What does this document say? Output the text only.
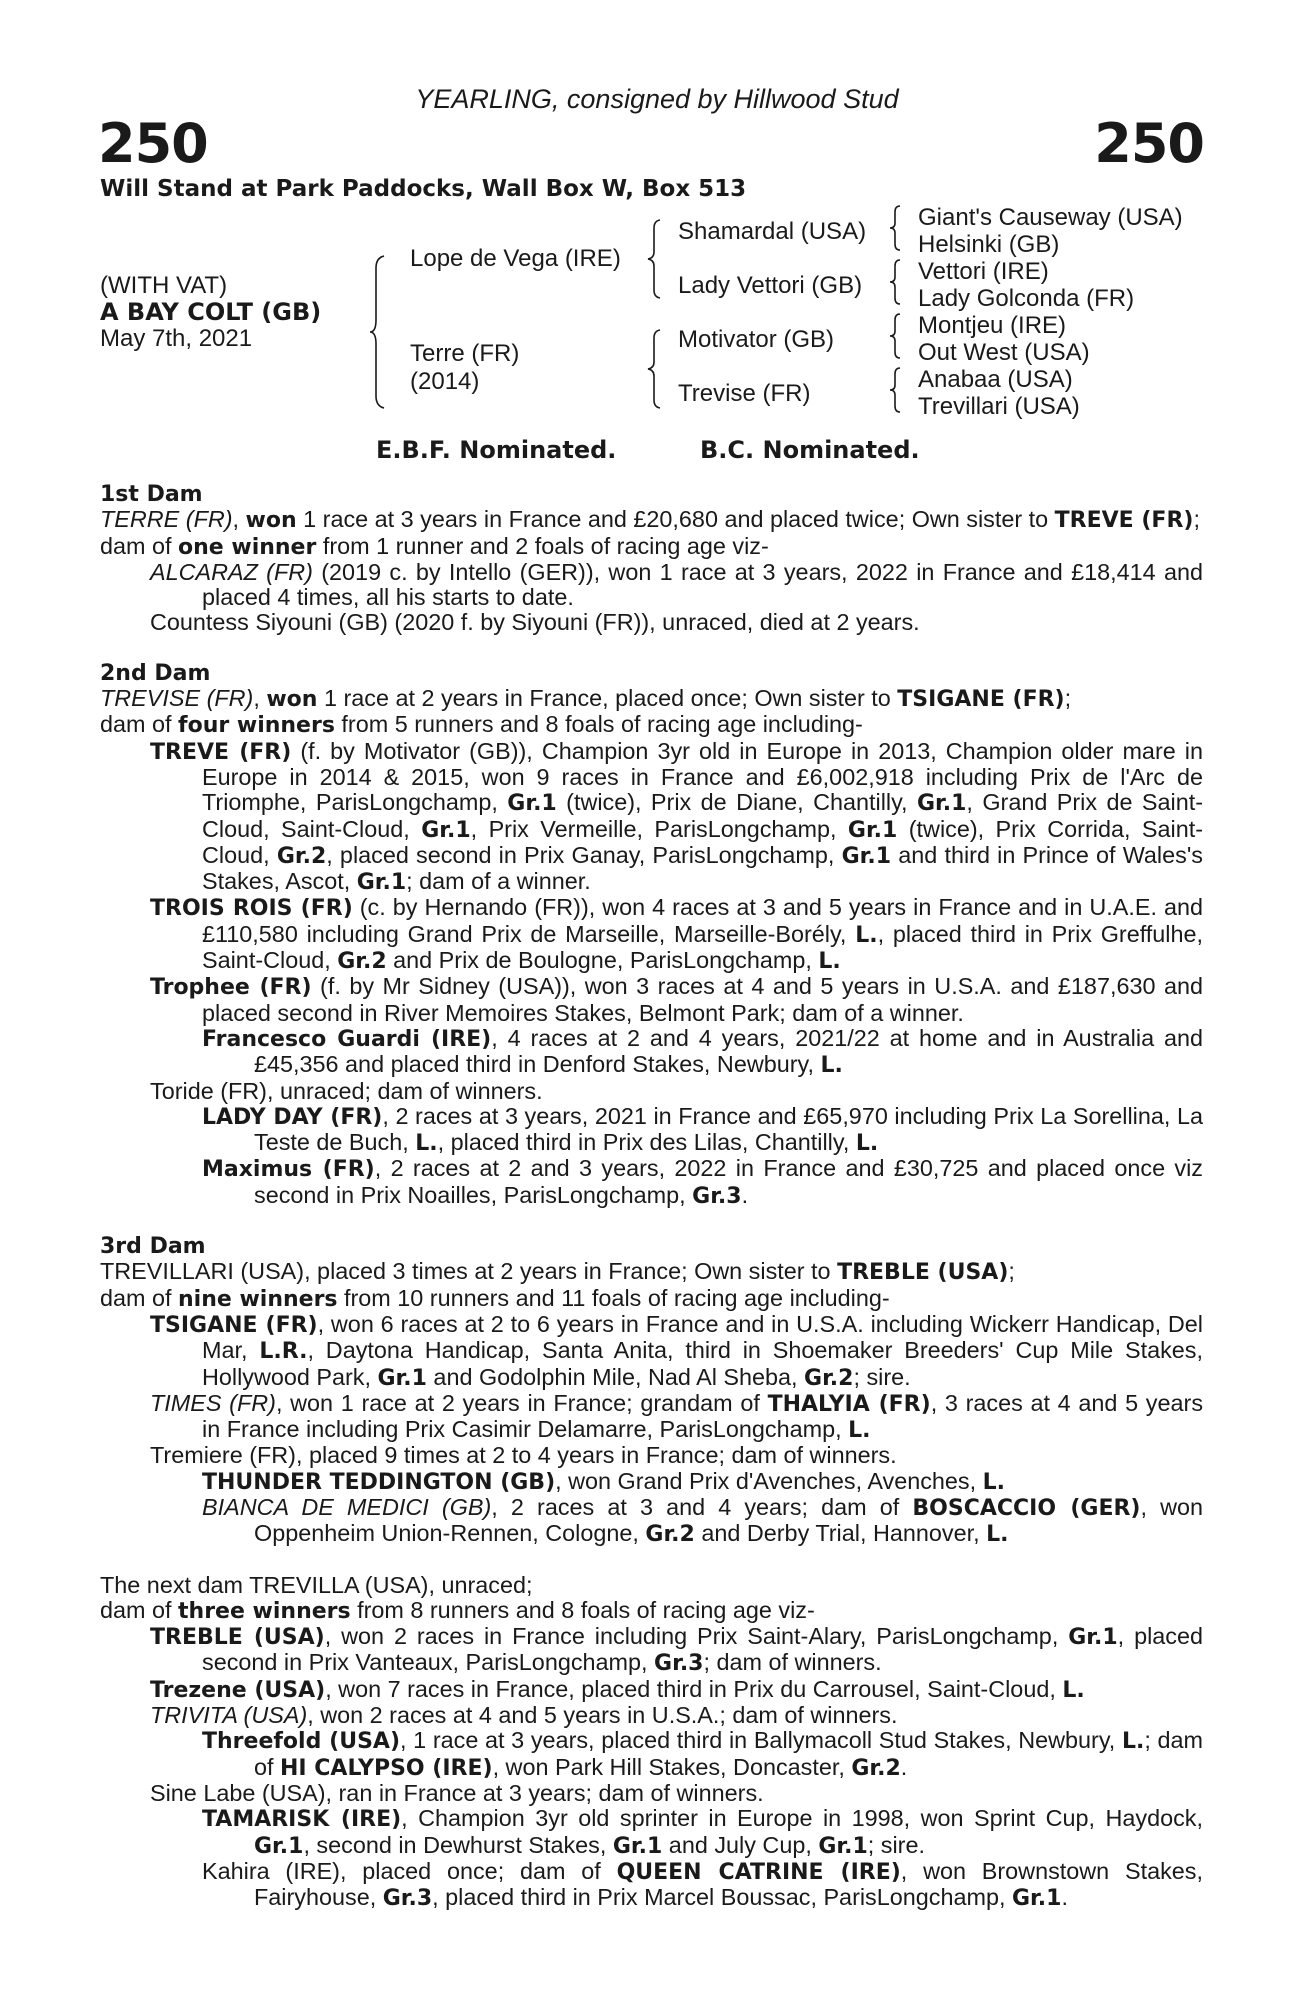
YEARLING, consigned by Hillwood Stud
250	250
Will Stand at Park Paddocks, Wall Box W, Box 513
(WITH VAT)
A BAY COLT (GB)
May 7th, 2021
Lope de Vega (IRE)
Terre (FR)
(2014)
Shamardal (USA)
Lady Vettori (GB)
Motivator (GB)
Trevise (FR)
Giant's Causeway (USA)
Helsinki (GB)
Vettori (IRE)
Lady Golconda (FR)
Montjeu (IRE)
Out West (USA)
Anabaa (USA)
Trevillari (USA)
E.B.F. Nominated.	B.C. Nominated.
1st Dam
TERRE (FR), won 1 race at 3 years in France and £20,680 and placed twice; Own sister to TREVE (FR);
dam of one winner from 1 runner and 2 foals of racing age viz-
ALCARAZ (FR) (2019 c. by Intello (GER)), won 1 race at 3 years, 2022 in France and £18,414 and placed 4 times, all his starts to date.
Countess Siyouni (GB) (2020 f. by Siyouni (FR)), unraced, died at 2 years.
2nd Dam
TREVISE (FR), won 1 race at 2 years in France, placed once; Own sister to TSIGANE (FR);
dam of four winners from 5 runners and 8 foals of racing age including-
TREVE (FR) (f. by Motivator (GB)), Champion 3yr old in Europe in 2013, Champion older mare in Europe in 2014 & 2015, won 9 races in France and £6,002,918 including Prix de l'Arc de Triomphe, ParisLongchamp, Gr.1 (twice), Prix de Diane, Chantilly, Gr.1, Grand Prix de Saint-Cloud, Saint-Cloud, Gr.1, Prix Vermeille, ParisLongchamp, Gr.1 (twice), Prix Corrida, Saint-Cloud, Gr.2, placed second in Prix Ganay, ParisLongchamp, Gr.1 and third in Prince of Wales's Stakes, Ascot, Gr.1; dam of a winner.
TROIS ROIS (FR) (c. by Hernando (FR)), won 4 races at 3 and 5 years in France and in U.A.E. and £110,580 including Grand Prix de Marseille, Marseille-Borély, L., placed third in Prix Greffulhe, Saint-Cloud, Gr.2 and Prix de Boulogne, ParisLongchamp, L.
Trophee (FR) (f. by Mr Sidney (USA)), won 3 races at 4 and 5 years in U.S.A. and £187,630 and placed second in River Memoires Stakes, Belmont Park; dam of a winner.
Francesco Guardi (IRE), 4 races at 2 and 4 years, 2021/22 at home and in Australia and £45,356 and placed third in Denford Stakes, Newbury, L.
Toride (FR), unraced; dam of winners.
LADY DAY (FR), 2 races at 3 years, 2021 in France and £65,970 including Prix La Sorellina, La Teste de Buch, L., placed third in Prix des Lilas, Chantilly, L.
Maximus (FR), 2 races at 2 and 3 years, 2022 in France and £30,725 and placed once viz second in Prix Noailles, ParisLongchamp, Gr.3.
3rd Dam
TREVILLARI (USA), placed 3 times at 2 years in France; Own sister to TREBLE (USA);
dam of nine winners from 10 runners and 11 foals of racing age including-
TSIGANE (FR), won 6 races at 2 to 6 years in France and in U.S.A. including Wickerr Handicap, Del Mar, L.R., Daytona Handicap, Santa Anita, third in Shoemaker Breeders' Cup Mile Stakes, Hollywood Park, Gr.1 and Godolphin Mile, Nad Al Sheba, Gr.2; sire.
TIMES (FR), won 1 race at 2 years in France; grandam of THALYIA (FR), 3 races at 4 and 5 years in France including Prix Casimir Delamarre, ParisLongchamp, L.
Tremiere (FR), placed 9 times at 2 to 4 years in France; dam of winners.
THUNDER TEDDINGTON (GB), won Grand Prix d'Avenches, Avenches, L.
BIANCA DE MEDICI (GB), 2 races at 3 and 4 years; dam of BOSCACCIO (GER), won Oppenheim Union-Rennen, Cologne, Gr.2 and Derby Trial, Hannover, L.
The next dam TREVILLA (USA), unraced;
dam of three winners from 8 runners and 8 foals of racing age viz-
TREBLE (USA), won 2 races in France including Prix Saint-Alary, ParisLongchamp, Gr.1, placed second in Prix Vanteaux, ParisLongchamp, Gr.3; dam of winners.
Trezene (USA), won 7 races in France, placed third in Prix du Carrousel, Saint-Cloud, L.
TRIVITA (USA), won 2 races at 4 and 5 years in U.S.A.; dam of winners.
Threefold (USA), 1 race at 3 years, placed third in Ballymacoll Stud Stakes, Newbury, L.; dam of HI CALYPSO (IRE), won Park Hill Stakes, Doncaster, Gr.2.
Sine Labe (USA), ran in France at 3 years; dam of winners.
TAMARISK (IRE), Champion 3yr old sprinter in Europe in 1998, won Sprint Cup, Haydock, Gr.1, second in Dewhurst Stakes, Gr.1 and July Cup, Gr.1; sire.
Kahira (IRE), placed once; dam of QUEEN CATRINE (IRE), won Brownstown Stakes, Fairyhouse, Gr.3, placed third in Prix Marcel Boussac, ParisLongchamp, Gr.1.
